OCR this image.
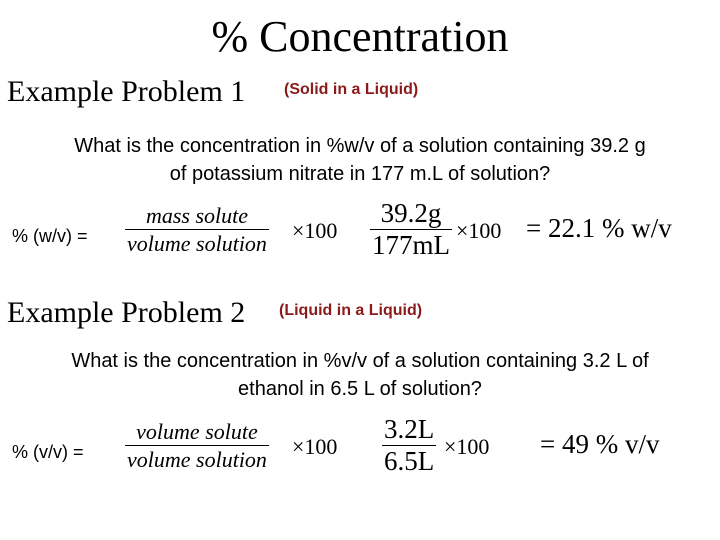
% Concentration
Example Problem 1 (Solid in a Liquid)
What is the concentration in %w/v of a solution containing 39.2 g
of potassium nitrate in 177 m.L of solution?
% (w/v) =
mass solute
volume solution
×100
39.2g
177mL ×100 = 22.1 % w/v
Example Problem 2 (Liquid in a Liquid)
What is the concentration in %v/v of a solution containing 3.2 L of
ethanol in 6.5 L of solution?
% (v/v) =
volume solute
volume solution
×100
3.2L
6.5L ×100 = 49 % v/v
